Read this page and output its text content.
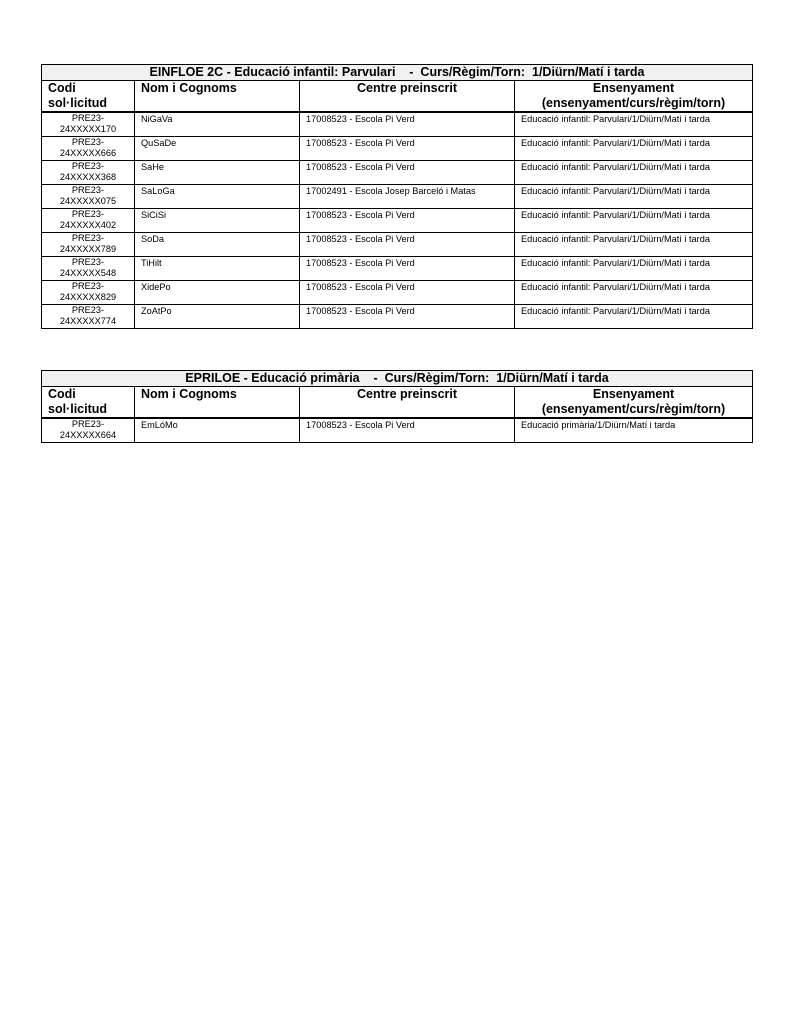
EINFLOE 2C - Educació infantil: Parvulari    -  Curs/Règim/Torn:  1/Diürn/Matí i tarda			
Codi
sol·licitud	Nom i Cognoms	Centre preinscrit	Ensenyament
(ensenyament/curs/règim/torn)

PRE23-
24XXXXX170	NiGaVa	17008523 - Escola Pi Verd	Educació infantil: Parvulari/1/Diürn/Matí i tarda

PRE23-
24XXXXX666	QuSaDe	17008523 - Escola Pi Verd	Educació infantil: Parvulari/1/Diürn/Matí i tarda

PRE23-
24XXXXX368	SaHe	17008523 - Escola Pi Verd	Educació infantil: Parvulari/1/Diürn/Matí i tarda

PRE23-
24XXXXX075	SaLoGa	17002491 - Escola Josep Barceló i Matas	Educació infantil: Parvulari/1/Diürn/Matí i tarda

PRE23-
24XXXXX402	SiCiSi	17008523 - Escola Pi Verd	Educació infantil: Parvulari/1/Diürn/Matí i tarda

PRE23-
24XXXXX789	SoDa	17008523 - Escola Pi Verd	Educació infantil: Parvulari/1/Diürn/Matí i tarda

PRE23-
24XXXXX548	TiHilt	17008523 - Escola Pi Verd	Educació infantil: Parvulari/1/Diürn/Matí i tarda

PRE23-
24XXXXX829	XidePo	17008523 - Escola Pi Verd	Educació infantil: Parvulari/1/Diürn/Matí i tarda

PRE23-
24XXXXX774	ZoAtPo	17008523 - Escola Pi Verd	Educació infantil: Parvulari/1/Diürn/Matí i tarda
EPRILOE - Educació primària    -  Curs/Règim/Torn:  1/Diürn/Matí i tarda			
Codi
sol·licitud	Nom i Cognoms	Centre preinscrit	Ensenyament
(ensenyament/curs/règim/torn)

PRE23-
24XXXXX664	EmLóMo	17008523 - Escola Pi Verd	Educació primària/1/Diürn/Matí i tarda
